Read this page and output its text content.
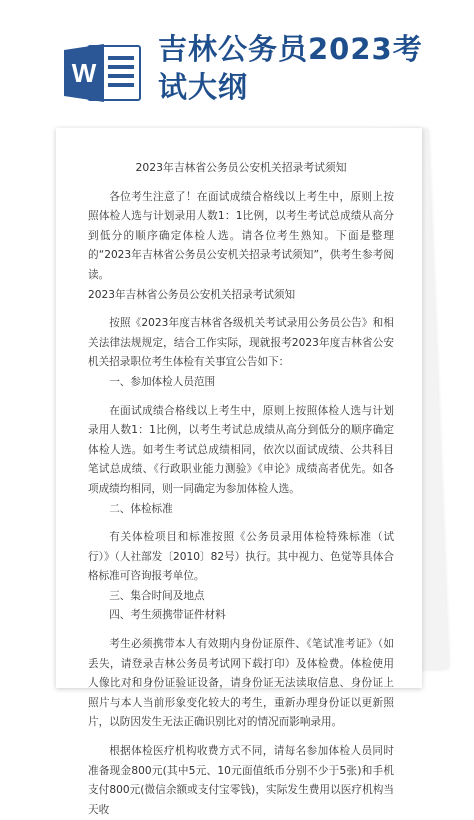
W
吉林公务员2023考试大纲
2023年吉林省公务员公安机关招录考试须知

各位考生注意了！在面试成绩合格线以上考生中，原则上按照体检人选与计划录用人数1：1比例，以考生考试总成绩从高分到低分的顺序确定体检人选。请各位考生熟知。下面是整理的“2023年吉林省公务员公安机关招录考试须知”，供考生参考阅读。

2023年吉林省公务员公安机关招录考试须知

按照《2023年度吉林省各级机关考试录用公务员公告》和相关法律法规规定，结合工作实际，现就报考2023年度吉林省公安机关招录职位考生体检有关事宜公告如下：

一、参加体检人员范围

在面试成绩合格线以上考生中，原则上按照体检人选与计划录用人数1：1比例，以考生考试总成绩从高分到低分的顺序确定体检人选。如考生考试总成绩相同，依次以面试成绩、公共科目笔试总成绩、《行政职业能力测验》《申论》成绩高者优先。如各项成绩均相同，则一同确定为参加体检人选。

二、体检标准

有关体检项目和标准按照《公务员录用体检特殊标准（试行）》（人社部发〔2010〕82号）执行。其中视力、色觉等具体合格标准可咨询报考单位。

三、集合时间及地点

四、考生须携带证件材料

考生必须携带本人有效期内身份证原件、《笔试准考证》（如丢失，请登录吉林公务员考试网下载打印）及体检费。体检使用人像比对和身份证验证设备，请身份证无法读取信息、身份证上照片与本人当前形象变化较大的考生，重新办理身份证以更新照片，以防因发生无法正确识别比对的情况而影响录用。

根据体检医疗机构收费方式不同，请每名参加体检人员同时准备现金800元(其中5元、10元面值纸币分别不少于5张)和手机支付800元(微信余额或支付宝零钱)，实际发生费用以医疗机构当天收
